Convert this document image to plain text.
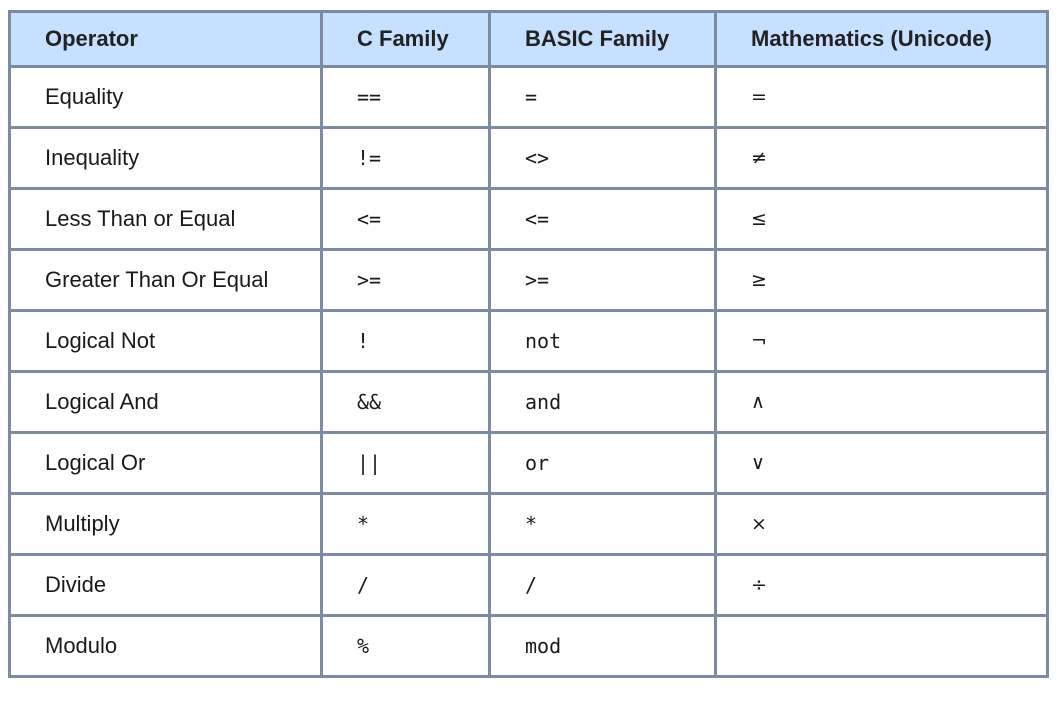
Operator	C Family	BASIC Family	Mathematics (Unicode)
Equality	==	=	=
Inequality	!=	<>	≠
Less Than or Equal	<=	<=	≤
Greater Than Or Equal	>=	>=	≥
Logical Not	!	not	¬
Logical And	&&	and	∧
Logical Or	||	or	∨
Multiply	*	*	×
Divide	/	/	÷
Modulo	%	mod	
